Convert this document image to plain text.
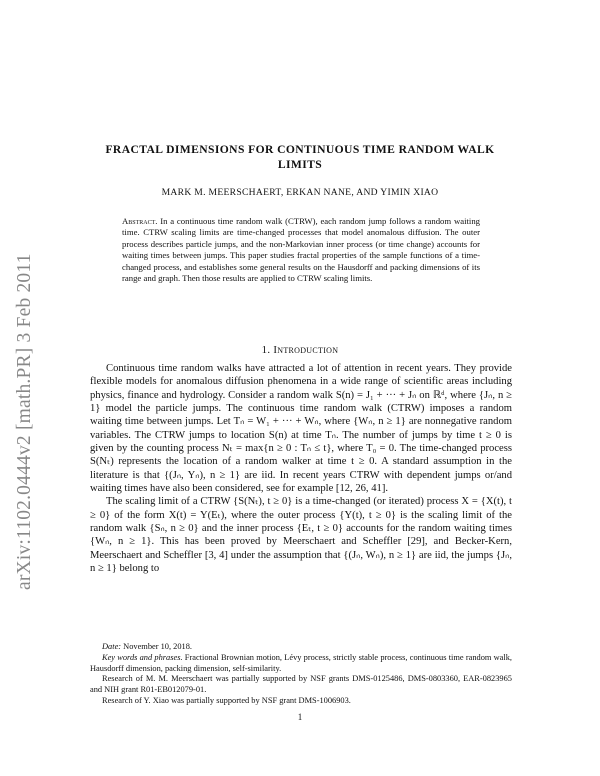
arXiv:1102.0444v2 [math.PR] 3 Feb 2011
FRACTAL DIMENSIONS FOR CONTINUOUS TIME RANDOM WALK LIMITS
MARK M. MEERSCHAERT, ERKAN NANE, AND YIMIN XIAO
Abstract. In a continuous time random walk (CTRW), each random jump follows a random waiting time. CTRW scaling limits are time-changed processes that model anomalous diffusion. The outer process describes particle jumps, and the non-Markovian inner process (or time change) accounts for waiting times between jumps. This paper studies fractal properties of the sample functions of a time-changed process, and establishes some general results on the Hausdorff and packing dimensions of its range and graph. Then those results are applied to CTRW scaling limits.
1. Introduction

Continuous time random walks have attracted a lot of attention in recent years. They provide flexible models for anomalous diffusion phenomena in a wide range of scientific areas including physics, finance and hydrology. Consider a random walk S(n) = J₁ + ··· + Jₙ on ℝᵈ, where {Jₙ, n ≥ 1} model the particle jumps. The continuous time random walk (CTRW) imposes a random waiting time between jumps. Let Tₙ = W₁ + ··· + Wₙ, where {Wₙ, n ≥ 1} are nonnegative random variables. The CTRW jumps to location S(n) at time Tₙ. The number of jumps by time t ≥ 0 is given by the counting process Nₜ = max{n ≥ 0 : Tₙ ≤ t}, where T₀ = 0. The time-changed process S(Nₜ) represents the location of a random walker at time t ≥ 0. A standard assumption in the literature is that {(Jₙ, Yₙ), n ≥ 1} are iid. In recent years CTRW with dependent jumps or/and waiting times have also been considered, see for example [12, 26, 41].

The scaling limit of a CTRW {S(Nₜ), t ≥ 0} is a time-changed (or iterated) process X = {X(t), t ≥ 0} of the form X(t) = Y(Eₜ), where the outer process {Y(t), t ≥ 0} is the scaling limit of the random walk {Sₙ, n ≥ 0} and the inner process {Eₜ, t ≥ 0} accounts for the random waiting times {Wₙ, n ≥ 1}. This has been proved by Meerschaert and Scheffler [29], and Becker-Kern, Meerschaert and Scheffler [3, 4] under the assumption that {(Jₙ, Wₙ), n ≥ 1} are iid, the jumps {Jₙ, n ≥ 1} belong to

Date: November 10, 2018.

Key words and phrases. Fractional Brownian motion, Lévy process, strictly stable process, continuous time random walk, Hausdorff dimension, packing dimension, self-similarity.

Research of M. M. Meerschaert was partially supported by NSF grants DMS-0125486, DMS-0803360, EAR-0823965 and NIH grant R01-EB012079-01.

Research of Y. Xiao was partially supported by NSF grant DMS-1006903.

1
